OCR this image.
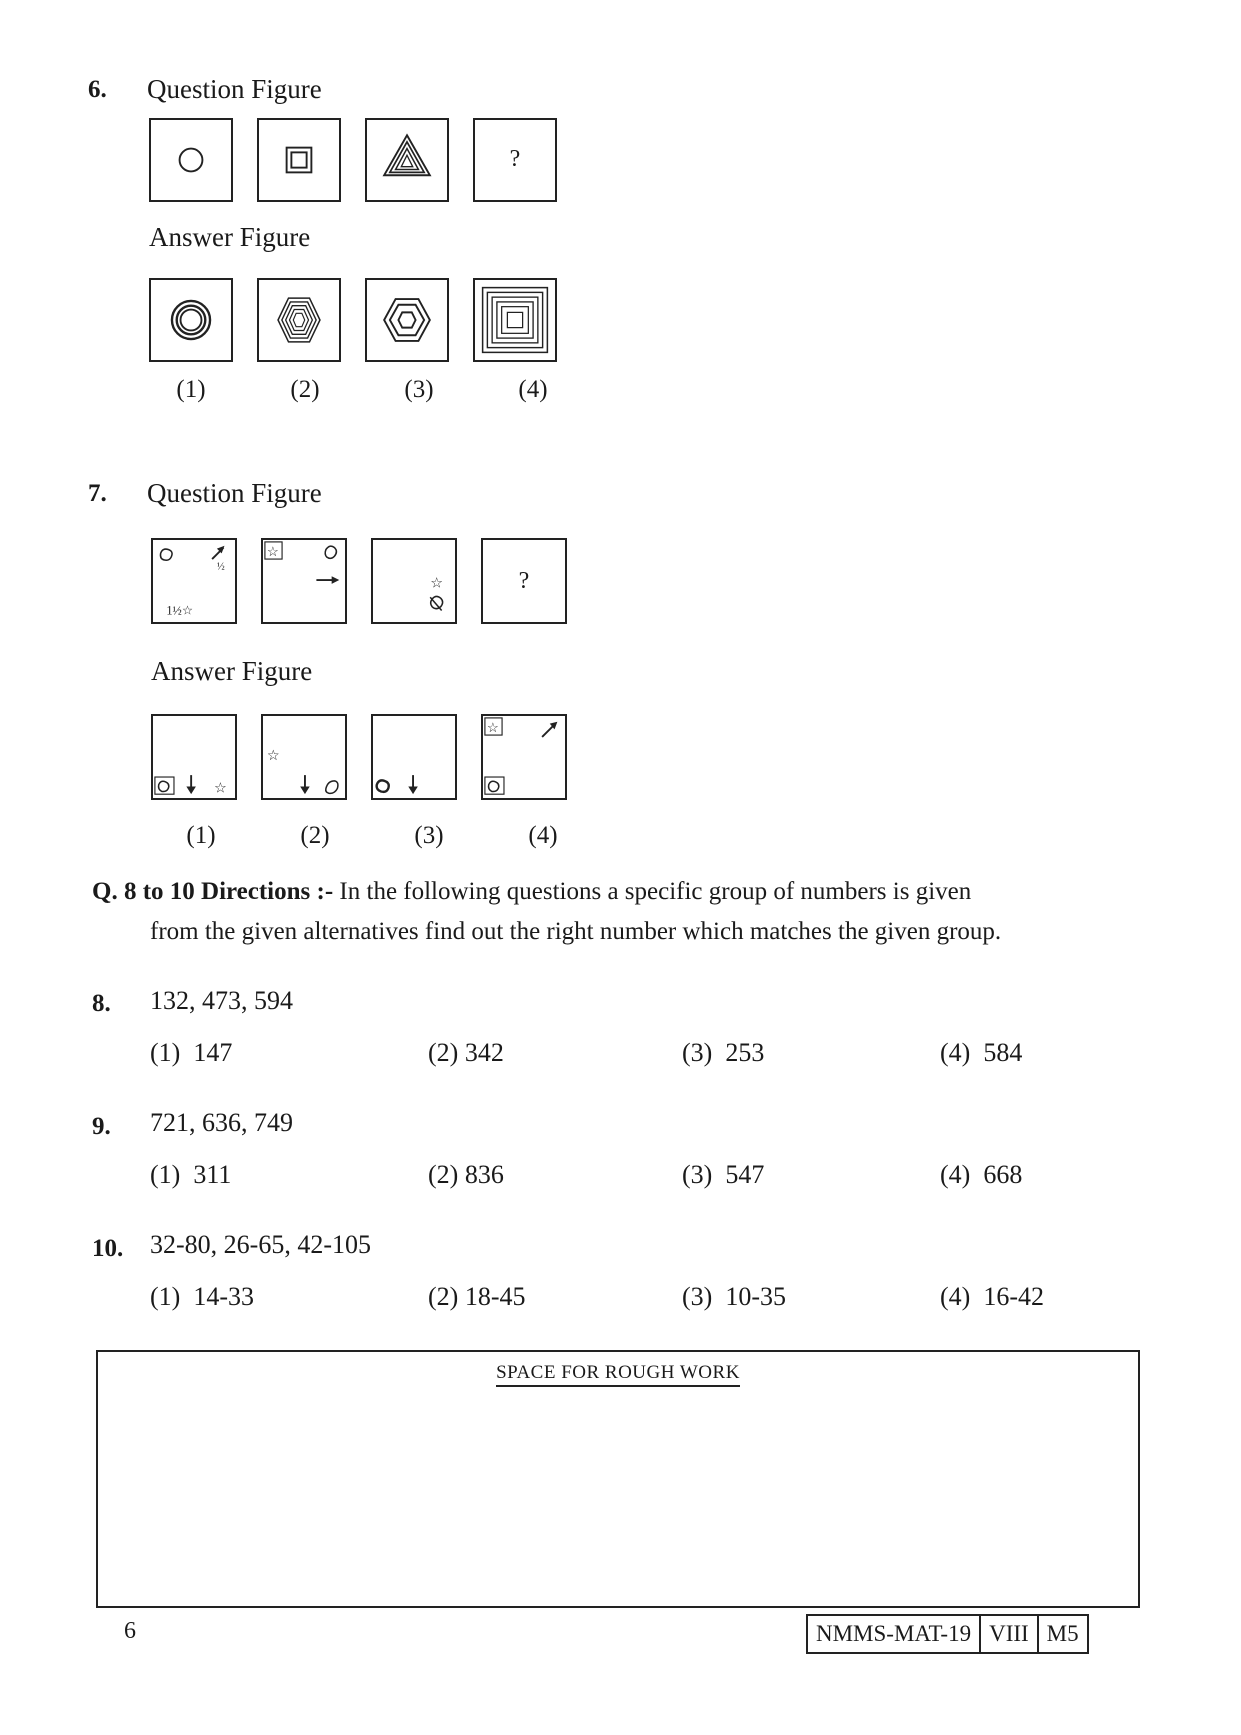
6. Question Figure
?
Answer Figure
(1)	(2)	(3)	(4)
7. Question Figure
½
1½☆
☆
☆	?
Answer Figure
☆
☆
☆
(1)	(2)	(3)	(4)
Q. 8 to 10 Directions :- In the following questions a specific group of numbers is given
from the given alternatives find out the right number which matches the given group.
8. 132, 473, 594
(1) 147	(2) 342	(3) 253	(4) 584
9. 721, 636, 749
(1) 311	(2) 836	(3) 547	(4) 668
10. 32-80, 26-65, 42-105
(1) 14-33	(2) 18-45	(3) 10-35	(4) 16-42
SPACE FOR ROUGH WORK
6	NMMS-MAT-19 VIII M5
